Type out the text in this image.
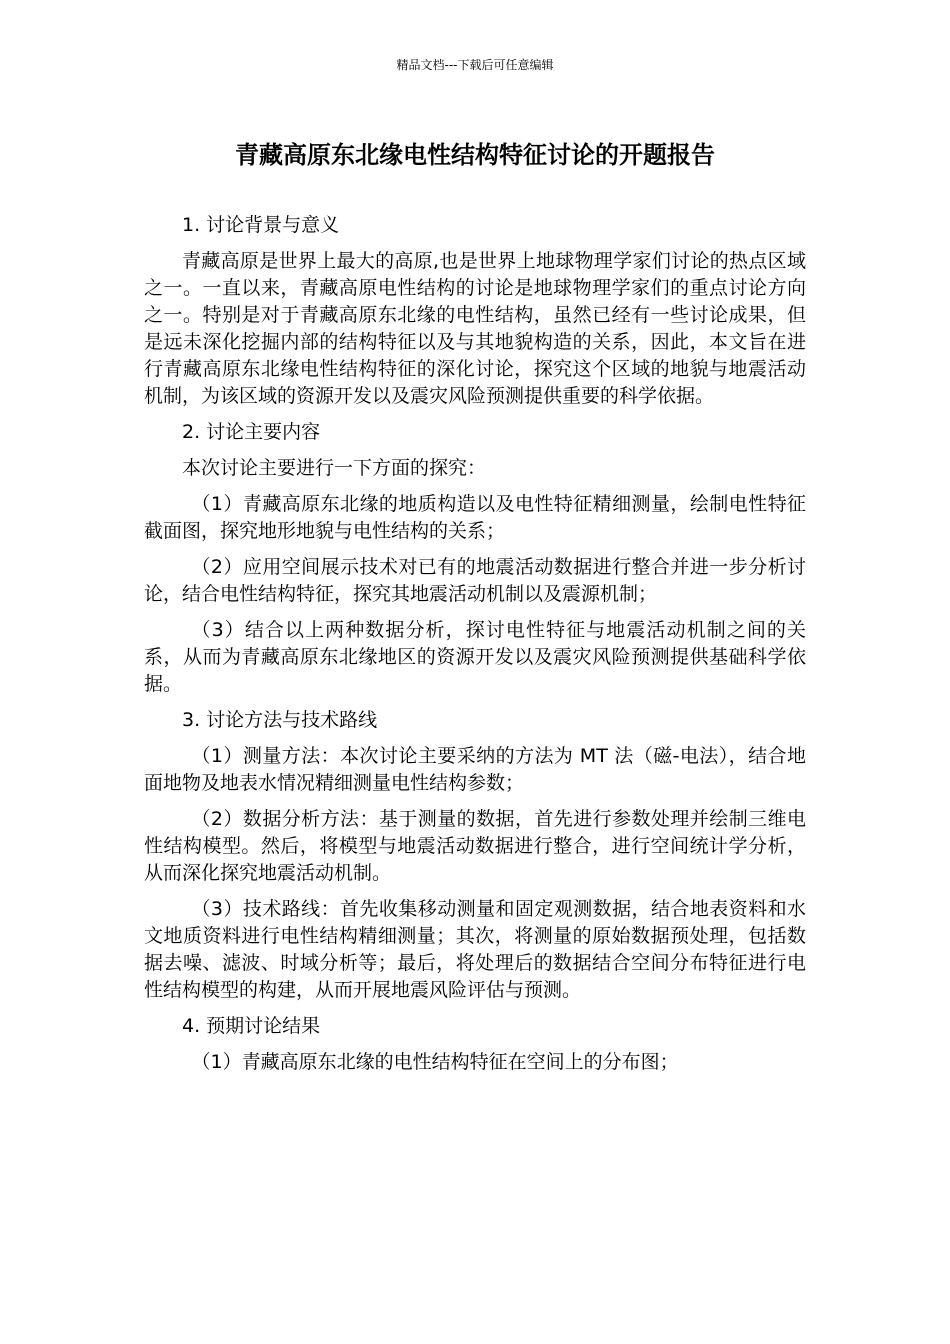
精品文档---下载后可任意编辑
青藏高原东北缘电性结构特征讨论的开题报告

1. 讨论背景与意义

青藏高原是世界上最大的高原,也是世界上地球物理学家们讨论的热点区域之一。一直以来，青藏高原电性结构的讨论是地球物理学家们的重点讨论方向之一。特别是对于青藏高原东北缘的电性结构，虽然已经有一些讨论成果，但是远未深化挖掘内部的结构特征以及与其地貌构造的关系，因此，本文旨在进行青藏高原东北缘电性结构特征的深化讨论，探究这个区域的地貌与地震活动机制，为该区域的资源开发以及震灾风险预测提供重要的科学依据。

2. 讨论主要内容

本次讨论主要进行一下方面的探究：

（1）青藏高原东北缘的地质构造以及电性特征精细测量，绘制电性特征截面图，探究地形地貌与电性结构的关系；

（2）应用空间展示技术对已有的地震活动数据进行整合并进一步分析讨论，结合电性结构特征，探究其地震活动机制以及震源机制；

（3）结合以上两种数据分析，探讨电性特征与地震活动机制之间的关系，从而为青藏高原东北缘地区的资源开发以及震灾风险预测提供基础科学依据。

3. 讨论方法与技术路线

（1）测量方法：本次讨论主要采纳的方法为 MT 法（磁-电法），结合地面地物及地表水情况精细测量电性结构参数；

（2）数据分析方法：基于测量的数据，首先进行参数处理并绘制三维电性结构模型。然后，将模型与地震活动数据进行整合，进行空间统计学分析，从而深化探究地震活动机制。

（3）技术路线：首先收集移动测量和固定观测数据，结合地表资料和水文地质资料进行电性结构精细测量；其次，将测量的原始数据预处理，包括数据去噪、滤波、时域分析等；最后，将处理后的数据结合空间分布特征进行电性结构模型的构建，从而开展地震风险评估与预测。

4. 预期讨论结果

（1）青藏高原东北缘的电性结构特征在空间上的分布图；
